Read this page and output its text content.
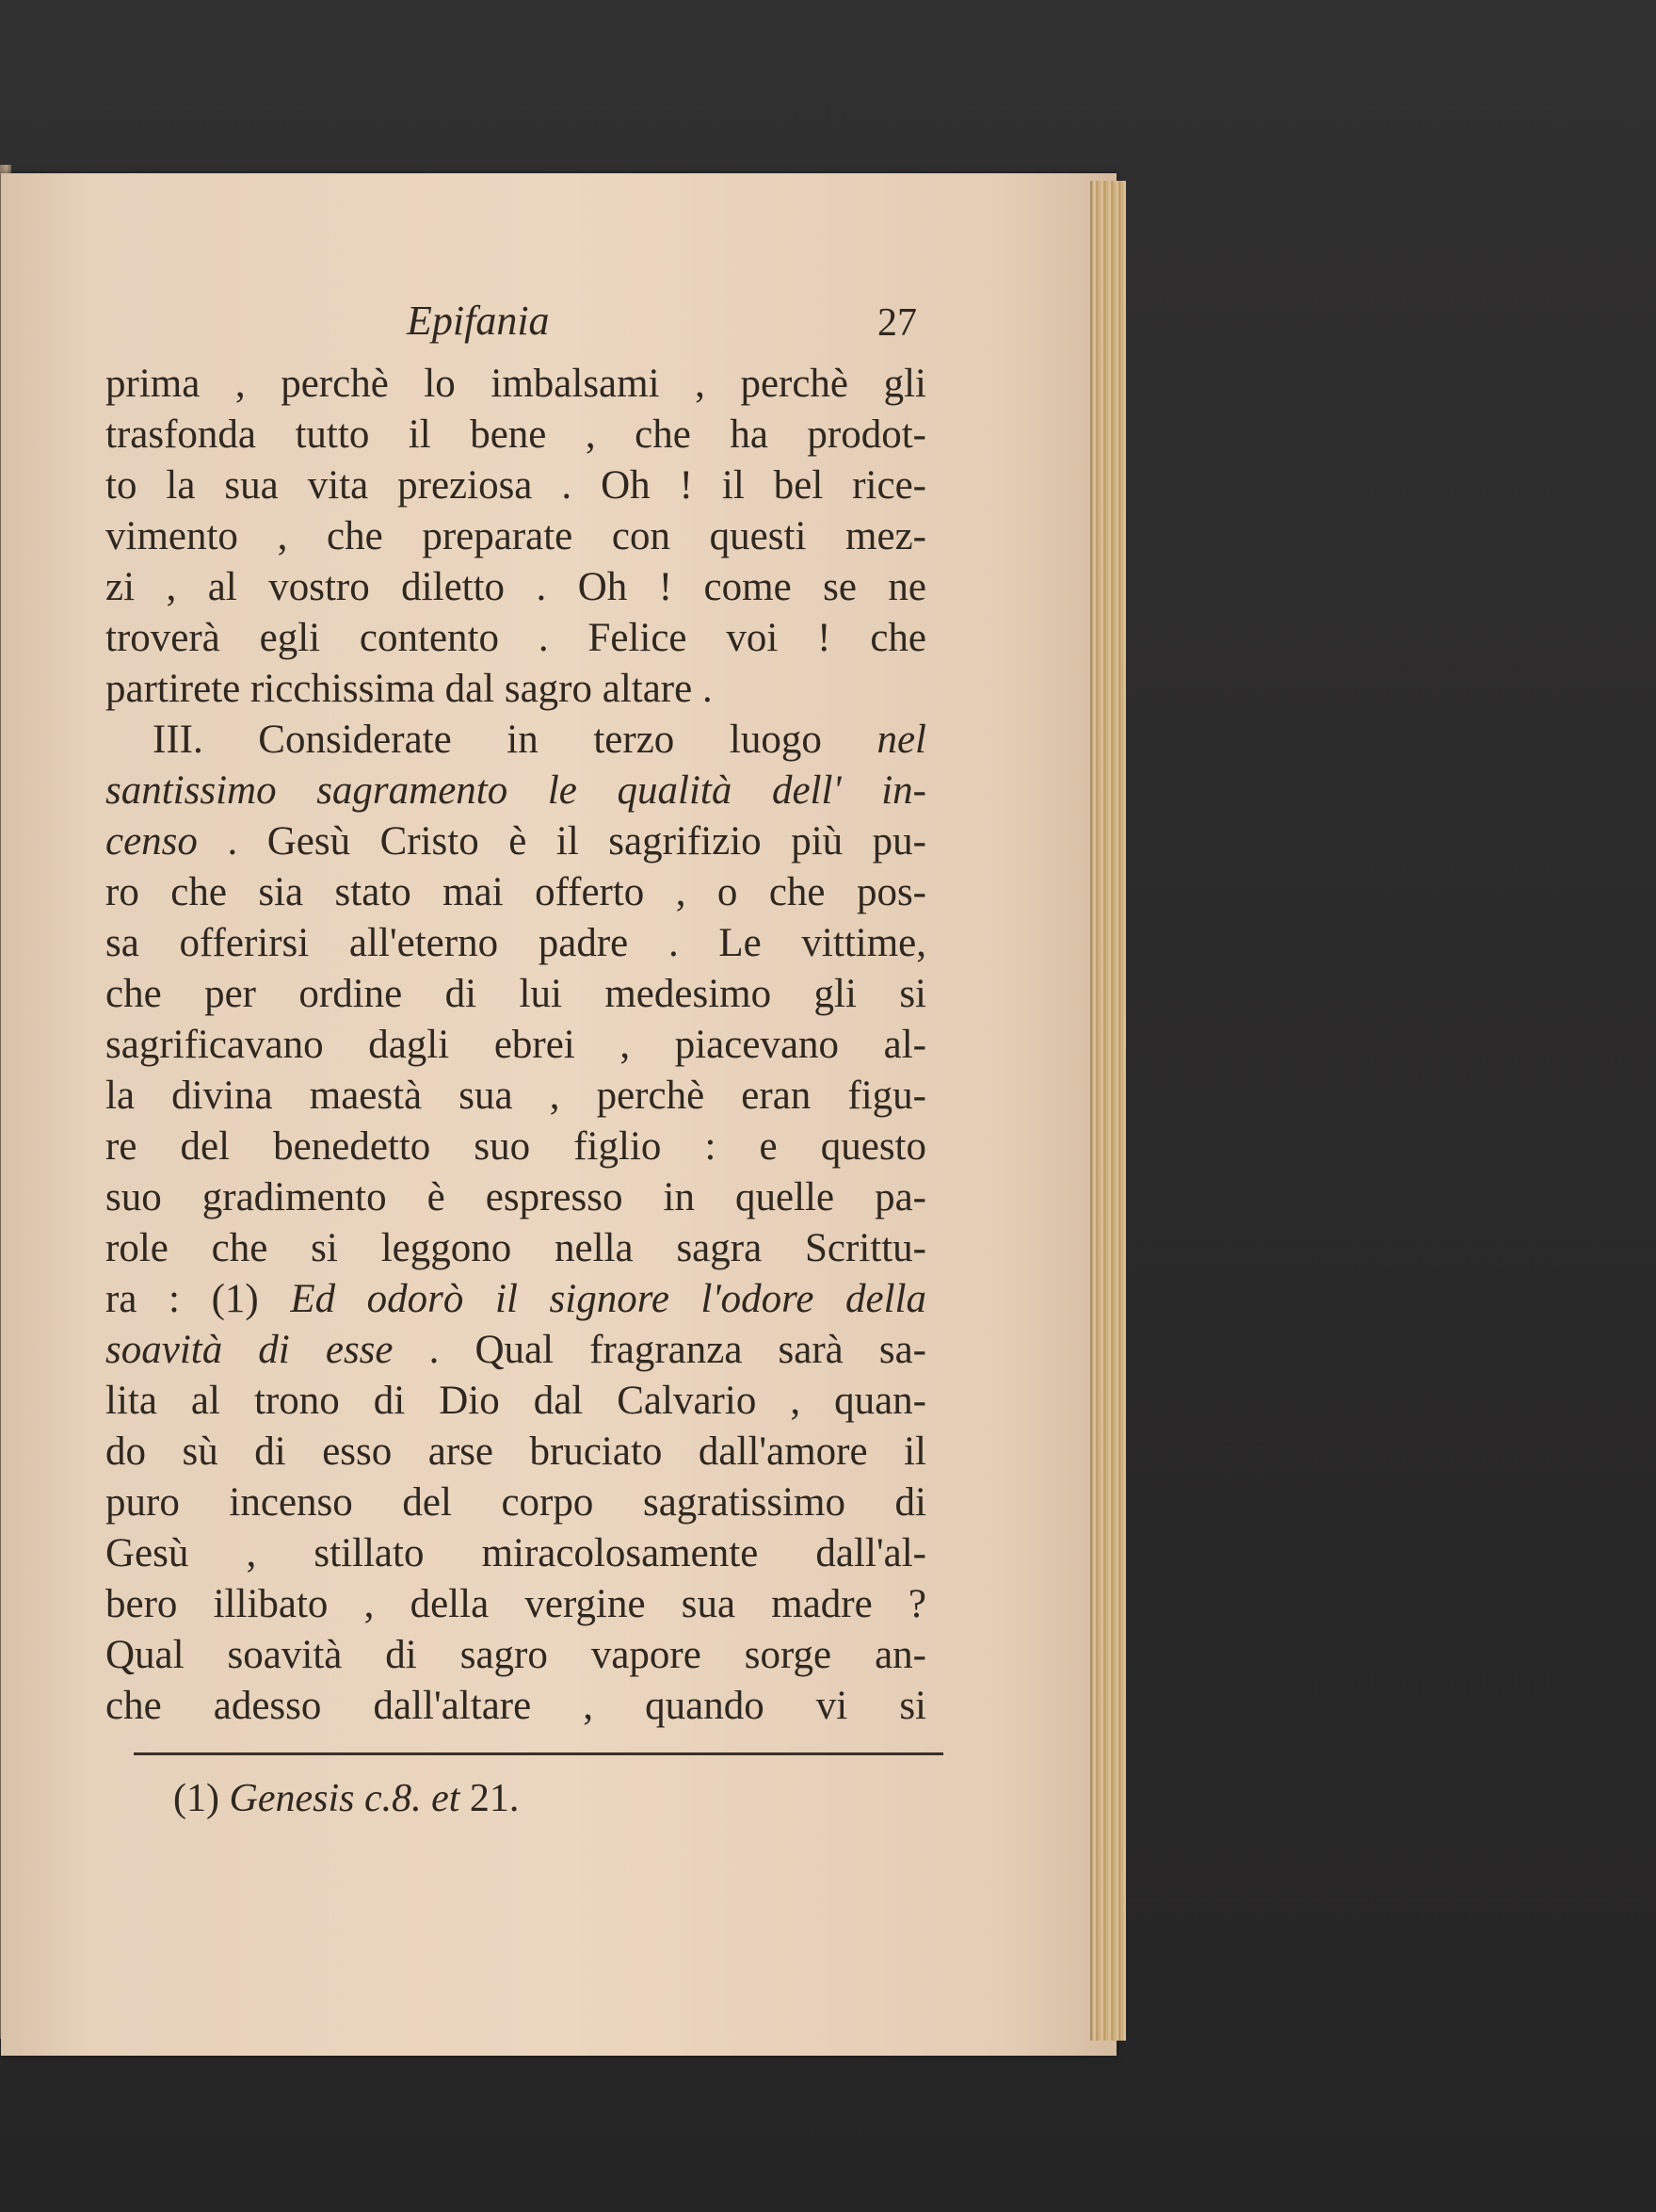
Epifania	27
prima , perchè lo imbalsami , perchè gli
trasfonda tutto il bene , che ha prodot-
to la sua vita preziosa . Oh ! il bel rice-
vimento , che preparate con questi mez-
zi , al vostro diletto . Oh ! come se ne
troverà egli contento . Felice voi ! che
partirete ricchissima dal sagro altare .
III. Considerate in terzo luogo nel
santissimo sagramento le qualità dell' in-
censo . Gesù Cristo è il sagrifizio più pu-
ro che sia stato mai offerto , o che pos-
sa offerirsi all'eterno padre . Le vittime,
che per ordine di lui medesimo gli si
sagrificavano dagli ebrei , piacevano al-
la divina maestà sua , perchè eran figu-
re del benedetto suo figlio : e questo
suo gradimento è espresso in quelle pa-
role che si leggono nella sagra Scrittu-
ra : (1) Ed odorò il signore l'odore della
soavità di esse . Qual fragranza sarà sa-
lita al trono di Dio dal Calvario , quan-
do sù di esso arse bruciato dall'amore il
puro incenso del corpo sagratissimo di
Gesù , stillato miracolosamente dall'al-
bero illibato , della vergine sua madre ?
Qual soavità di sagro vapore sorge an-
che adesso dall'altare , quando vi si
(1) Genesis c.8. et 21.
